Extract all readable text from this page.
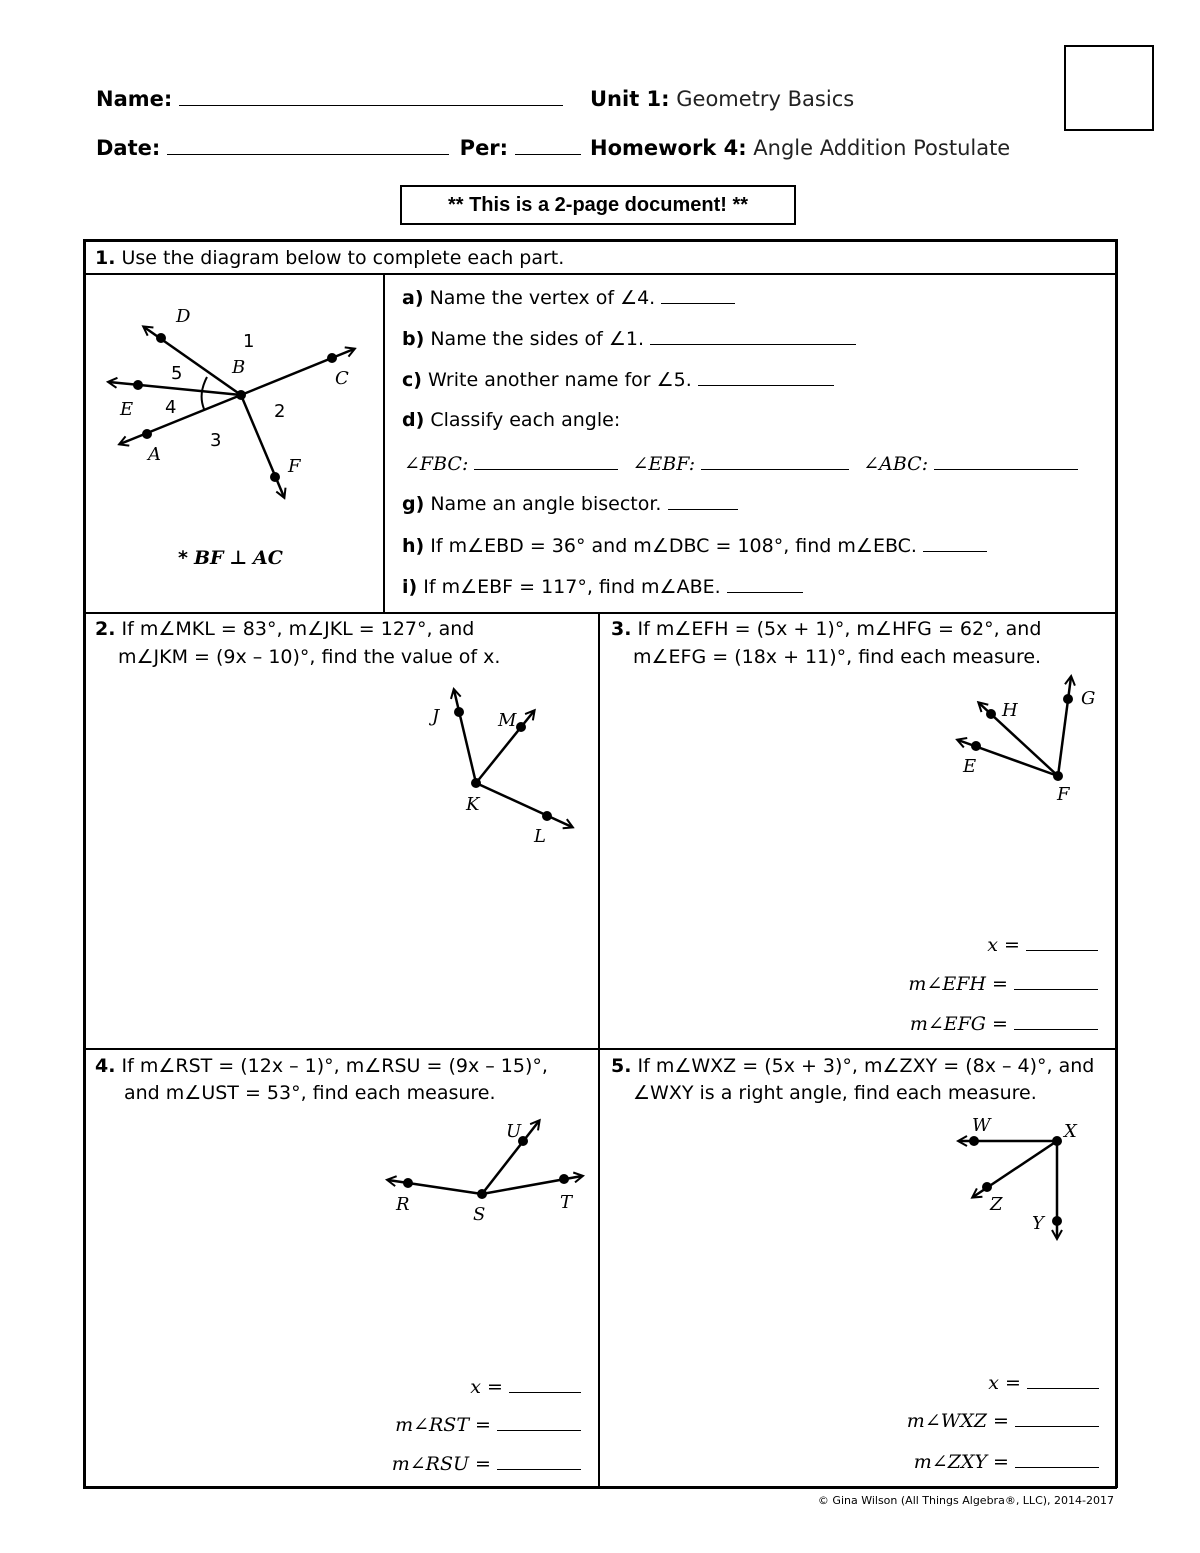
Name:
Date:	Per:
Unit 1: Geometry Basics
Homework 4: Angle Addition Postulate
** This is a 2-page document! **
1. Use the diagram below to complete each part.
D
B
C
E
A
F
1
2
3
4
5
* BF ⊥ AC
a) Name the vertex of ∠4.
b) Name the sides of ∠1.
c) Write another name for ∠5.
d) Classify each angle:
∠FBC:	∠EBF:	∠ABC:
g) Name an angle bisector.
h) If m∠EBD = 36° and m∠DBC = 108°, find m∠EBC.
i) If m∠EBF = 117°, find m∠ABE.
2. If m∠MKL = 83°, m∠JKL = 127°, and
m∠JKM = (9x – 10)°, find the value of x.
J	M
K
L
3. If m∠EFH = (5x + 1)°, m∠HFG = 62°, and
m∠EFG = (18x + 11)°, find each measure.
H
G
E
F
x =
m∠EFH =
m∠EFG =
4. If m∠RST = (12x – 1)°, m∠RSU = (9x – 15)°,
and m∠UST = 53°, find each measure.
U
R	S
T
x =
m∠RST =
m∠RSU =
5. If m∠WXZ = (5x + 3)°, m∠ZXY = (8x – 4)°, and
∠WXY is a right angle, find each measure.
W	X
Z
Y
x =
m∠WXZ =
m∠ZXY =
© Gina Wilson (All Things Algebra®, LLC), 2014-2017
